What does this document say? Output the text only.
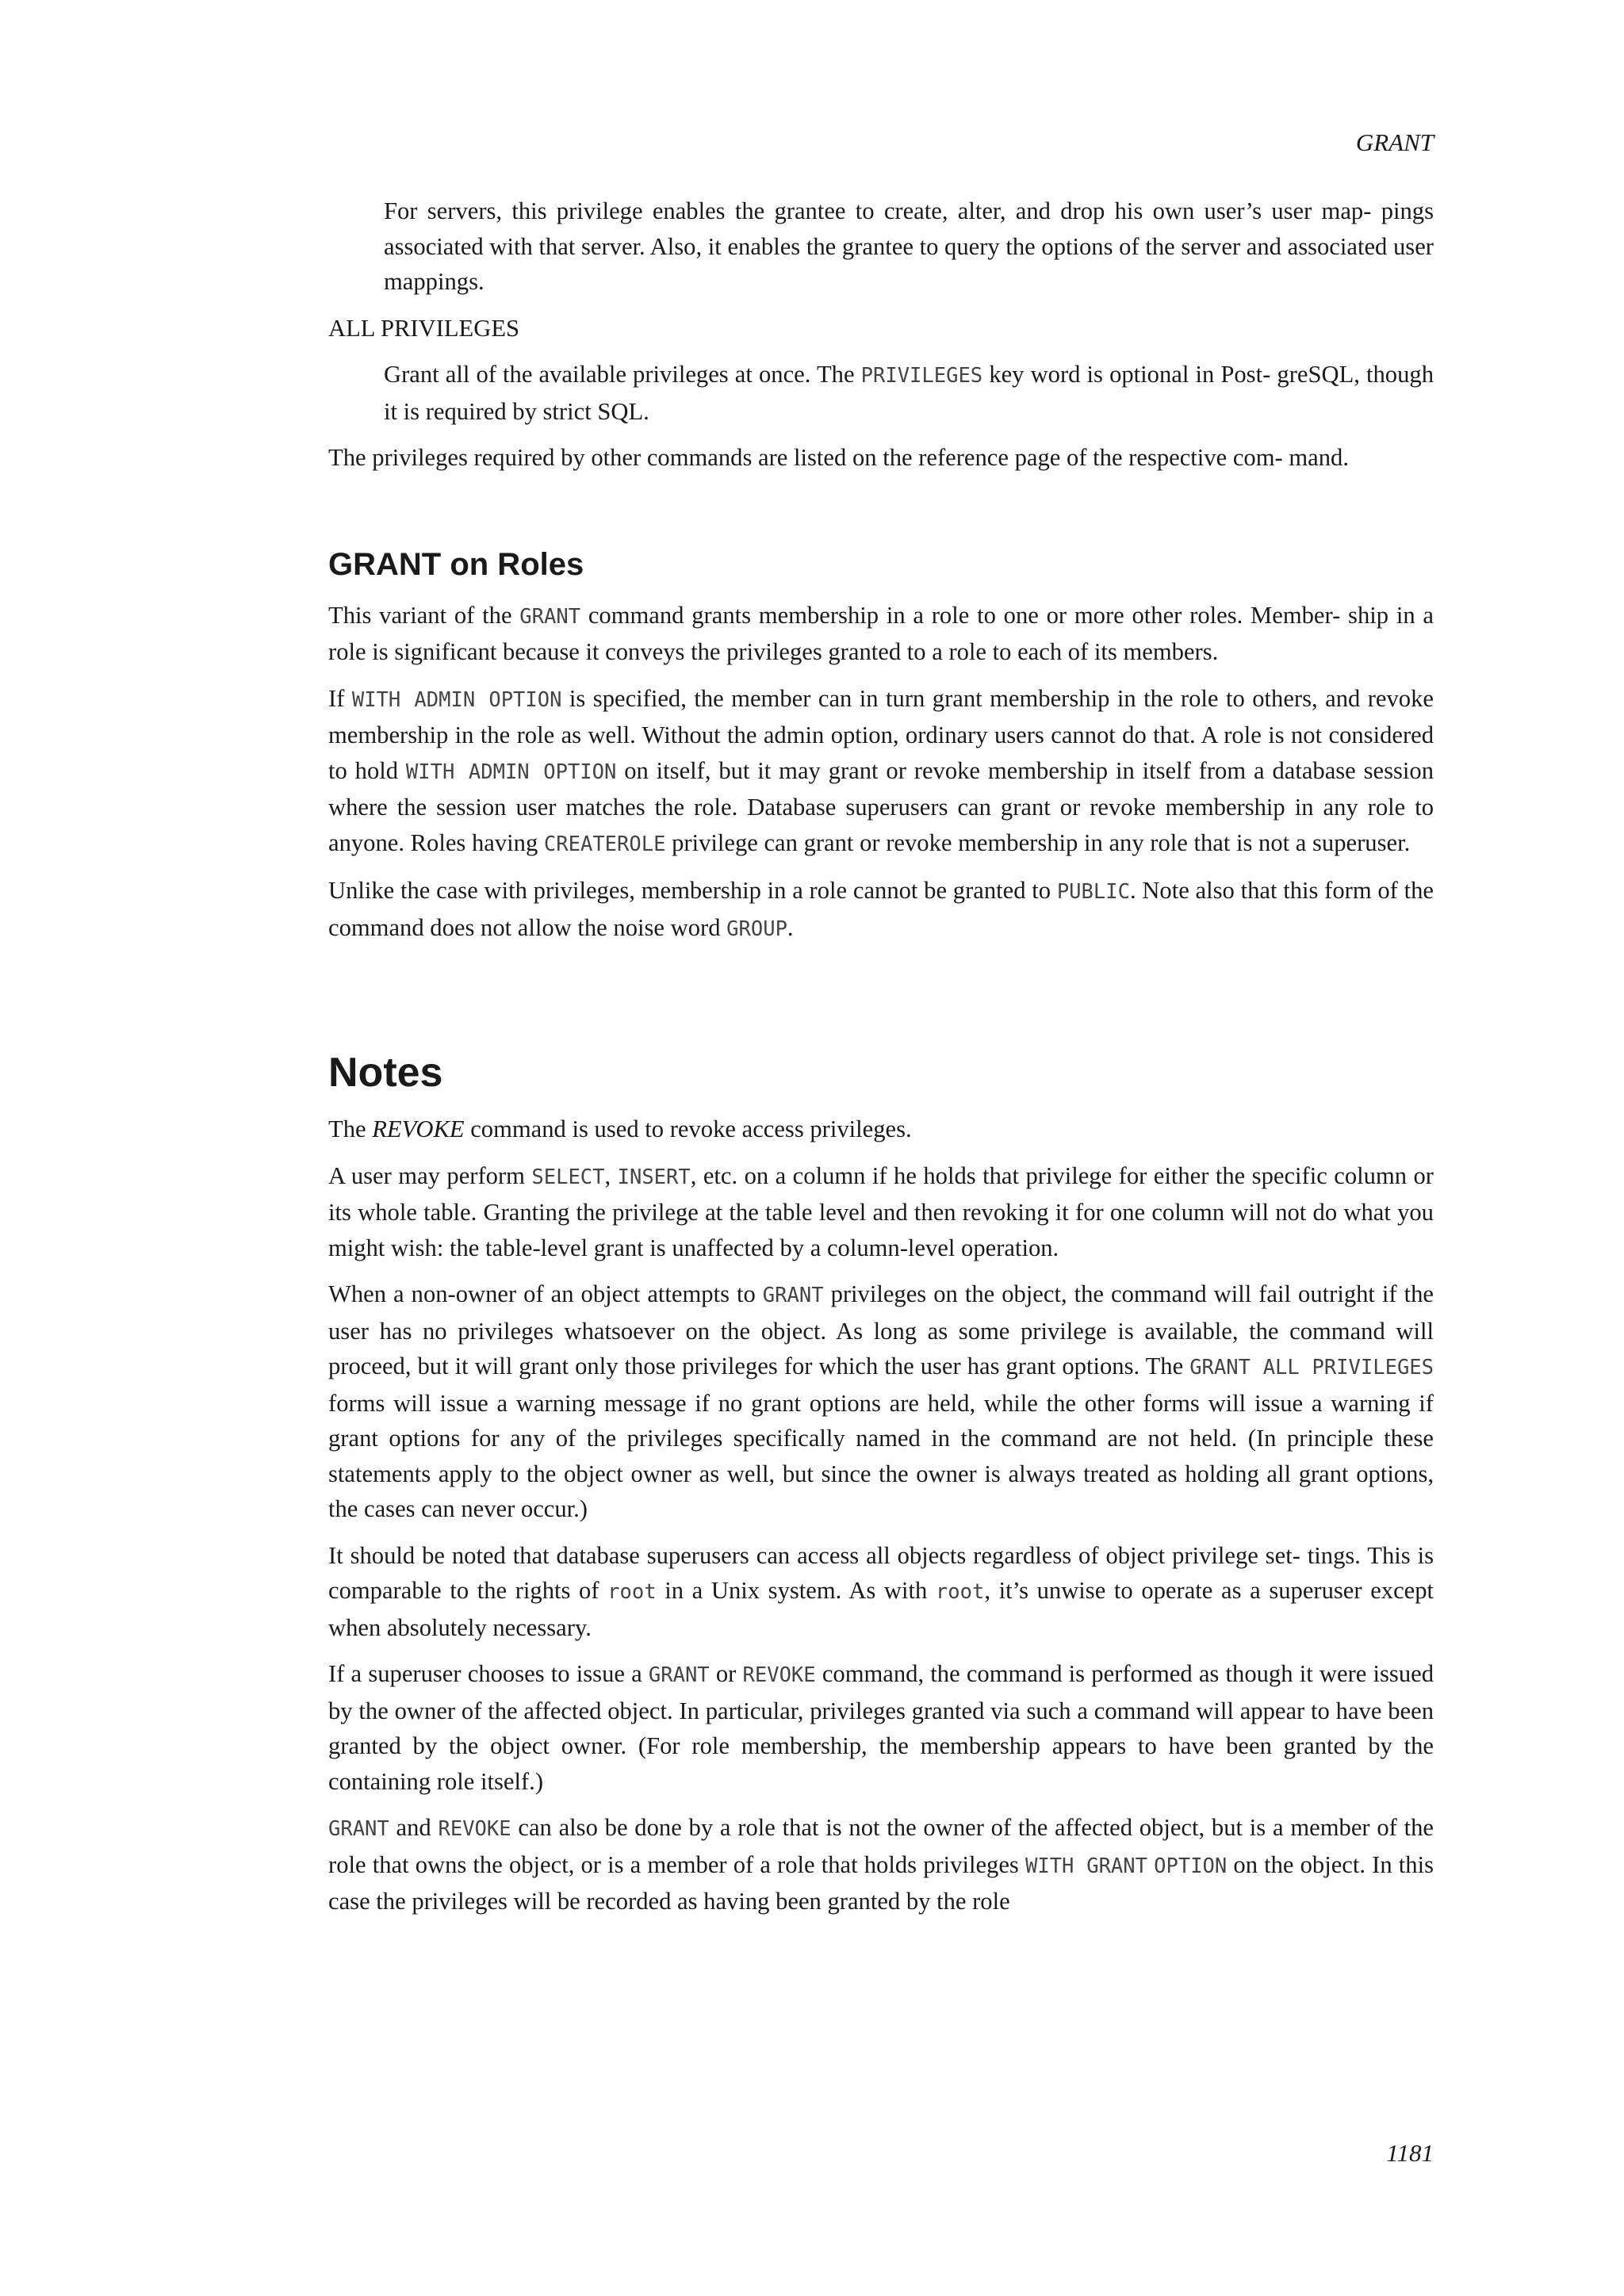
GRANT

For servers, this privilege enables the grantee to create, alter, and drop his own user’s user map- pings associated with that server. Also, it enables the grantee to query the options of the server and associated user mappings.

ALL PRIVILEGES

Grant all of the available privileges at once. The PRIVILEGES key word is optional in Post- greSQL, though it is required by strict SQL.

The privileges required by other commands are listed on the reference page of the respective com- mand.

GRANT on Roles

This variant of the GRANT command grants membership in a role to one or more other roles. Member- ship in a role is significant because it conveys the privileges granted to a role to each of its members.

If WITH ADMIN OPTION is specified, the member can in turn grant membership in the role to others, and revoke membership in the role as well. Without the admin option, ordinary users cannot do that. A role is not considered to hold WITH ADMIN OPTION on itself, but it may grant or revoke membership in itself from a database session where the session user matches the role. Database superusers can grant or revoke membership in any role to anyone. Roles having CREATEROLE privilege can grant or revoke membership in any role that is not a superuser.

Unlike the case with privileges, membership in a role cannot be granted to PUBLIC. Note also that this form of the command does not allow the noise word GROUP.

Notes

The REVOKE command is used to revoke access privileges.

A user may perform SELECT, INSERT, etc. on a column if he holds that privilege for either the specific column or its whole table. Granting the privilege at the table level and then revoking it for one column will not do what you might wish: the table-level grant is unaffected by a column-level operation.

When a non-owner of an object attempts to GRANT privileges on the object, the command will fail outright if the user has no privileges whatsoever on the object. As long as some privilege is available, the command will proceed, but it will grant only those privileges for which the user has grant options. The GRANT ALL PRIVILEGES forms will issue a warning message if no grant options are held, while the other forms will issue a warning if grant options for any of the privileges specifically named in the command are not held. (In principle these statements apply to the object owner as well, but since the owner is always treated as holding all grant options, the cases can never occur.)

It should be noted that database superusers can access all objects regardless of object privilege set- tings. This is comparable to the rights of root in a Unix system. As with root, it’s unwise to operate as a superuser except when absolutely necessary.

If a superuser chooses to issue a GRANT or REVOKE command, the command is performed as though it were issued by the owner of the affected object. In particular, privileges granted via such a command will appear to have been granted by the object owner. (For role membership, the membership appears to have been granted by the containing role itself.)

GRANT and REVOKE can also be done by a role that is not the owner of the affected object, but is a member of the role that owns the object, or is a member of a role that holds privileges WITH GRANT OPTION on the object. In this case the privileges will be recorded as having been granted by the role

1181
